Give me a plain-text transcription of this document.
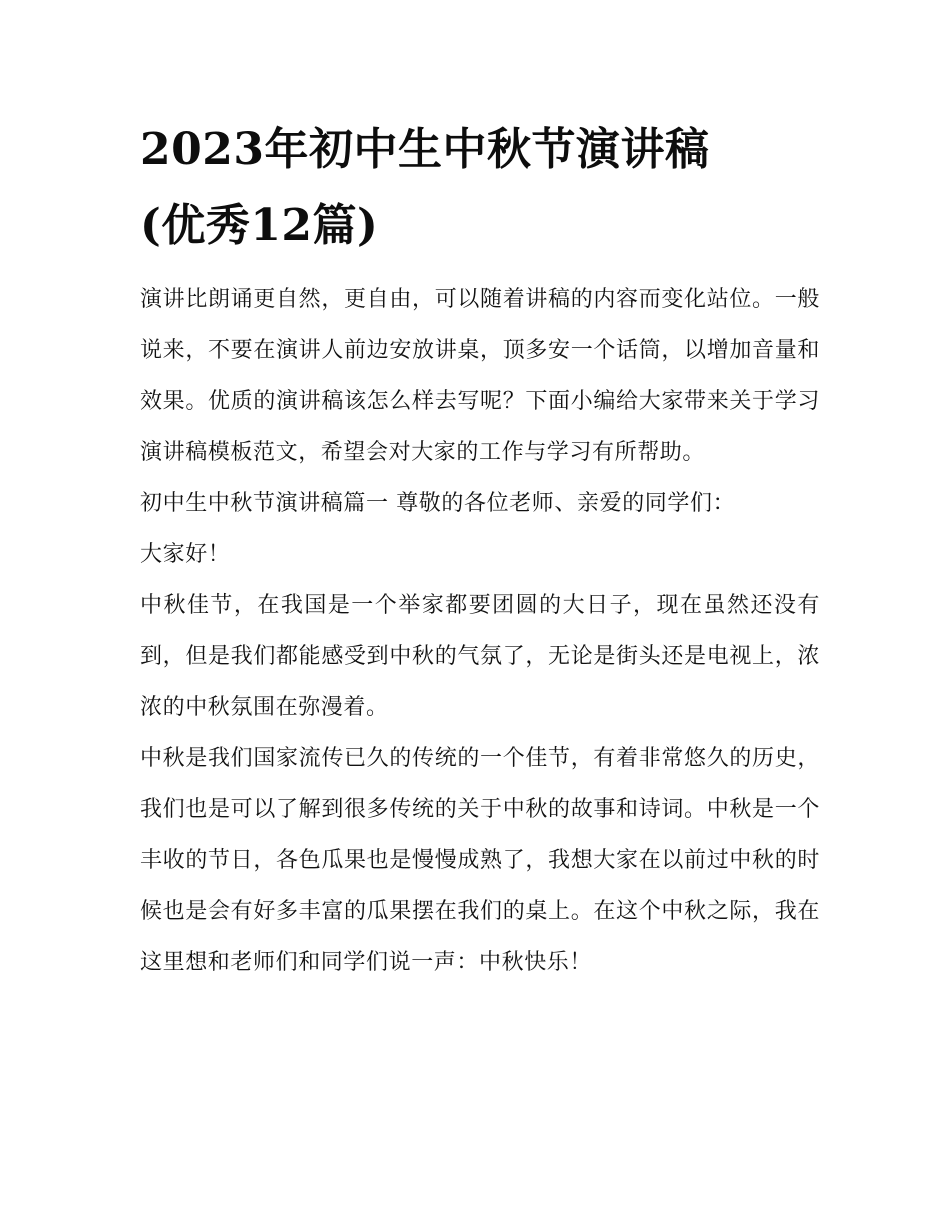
2023年初中生中秋节演讲稿
(优秀12篇)

演讲比朗诵更自然，更自由，可以随着讲稿的内容而变化站位。一般说来，不要在演讲人前边安放讲桌，顶多安一个话筒，以增加音量和效果。优质的演讲稿该怎么样去写呢？下面小编给大家带来关于学习演讲稿模板范文，希望会对大家的工作与学习有所帮助。

初中生中秋节演讲稿篇一 尊敬的各位老师、亲爱的同学们：

大家好！

中秋佳节，在我国是一个举家都要团圆的大日子，现在虽然还没有到，但是我们都能感受到中秋的气氛了，无论是街头还是电视上，浓浓的中秋氛围在弥漫着。

中秋是我们国家流传已久的传统的一个佳节，有着非常悠久的历史，我们也是可以了解到很多传统的关于中秋的故事和诗词。中秋是一个丰收的节日，各色瓜果也是慢慢成熟了，我想大家在以前过中秋的时候也是会有好多丰富的瓜果摆在我们的桌上。在这个中秋之际，我在这里想和老师们和同学们说一声：中秋快乐！
